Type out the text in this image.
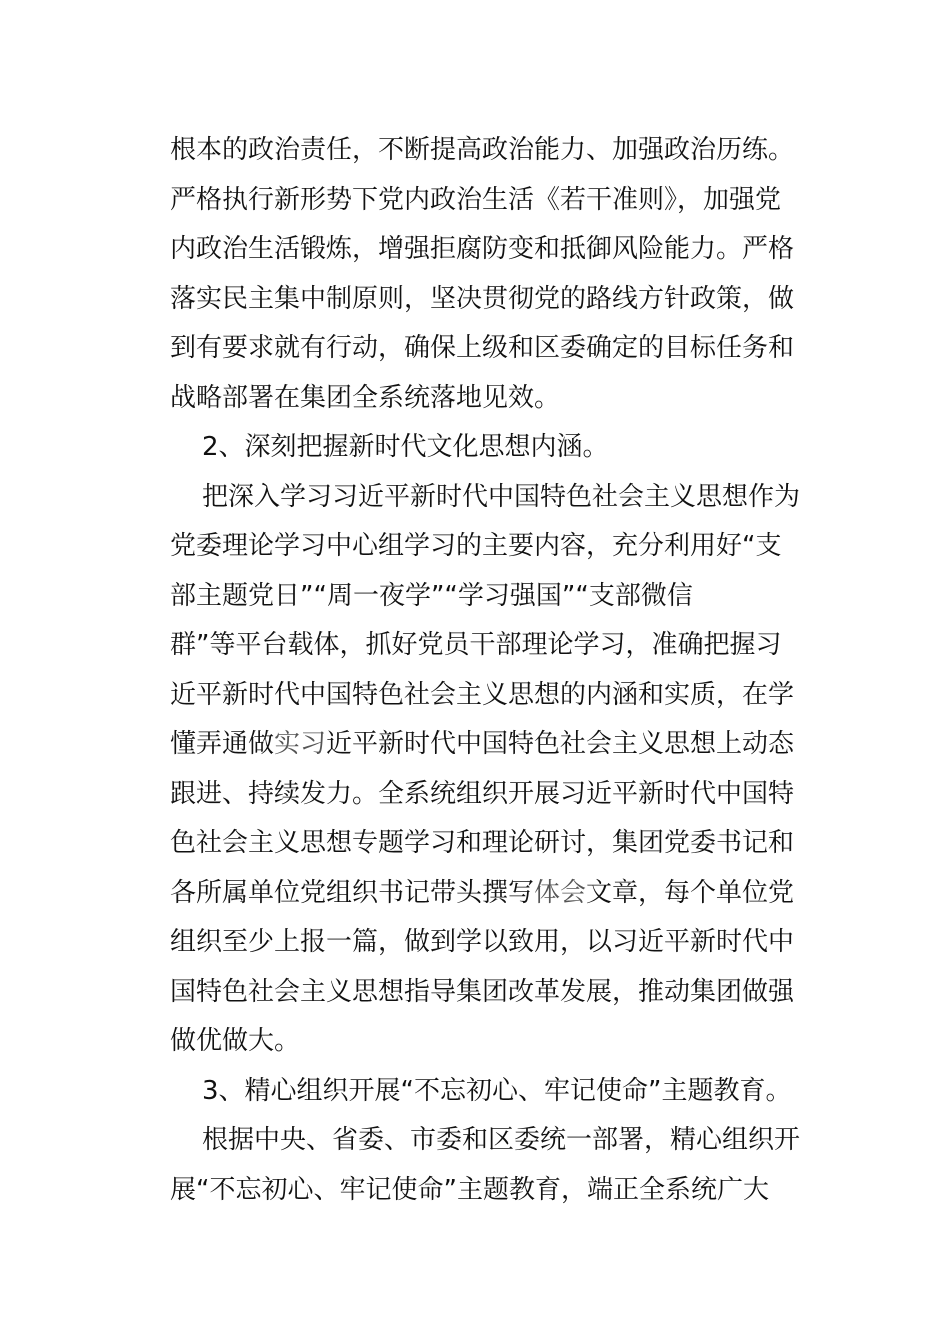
根本的政治责任，不断提高政治能力、加强政治历练。
严格执行新形势下党内政治生活《若干准则》，加强党
内政治生活锻炼，增强拒腐防变和抵御风险能力。严格
落实民主集中制原则，坚决贯彻党的路线方针政策，做
到有要求就有行动，确保上级和区委确定的目标任务和
战略部署在集团全系统落地见效。
2、深刻把握新时代文化思想内涵。
把深入学习习近平新时代中国特色社会主义思想作为
党委理论学习中心组学习的主要内容，充分利用好“支
部主题党日”“周一夜学”“学习强国”“支部微信
群”等平台载体，抓好党员干部理论学习，准确把握习
近平新时代中国特色社会主义思想的内涵和实质，在学
懂弄通做实习近平新时代中国特色社会主义思想上动态
跟进、持续发力。全系统组织开展习近平新时代中国特
色社会主义思想专题学习和理论研讨，集团党委书记和
各所属单位党组织书记带头撰写体会文章，每个单位党
组织至少上报一篇，做到学以致用，以习近平新时代中
国特色社会主义思想指导集团改革发展，推动集团做强
做优做大。
3、精心组织开展“不忘初心、牢记使命”主题教育。
根据中央、省委、市委和区委统一部署，精心组织开
展“不忘初心、牢记使命”主题教育，端正全系统广大
